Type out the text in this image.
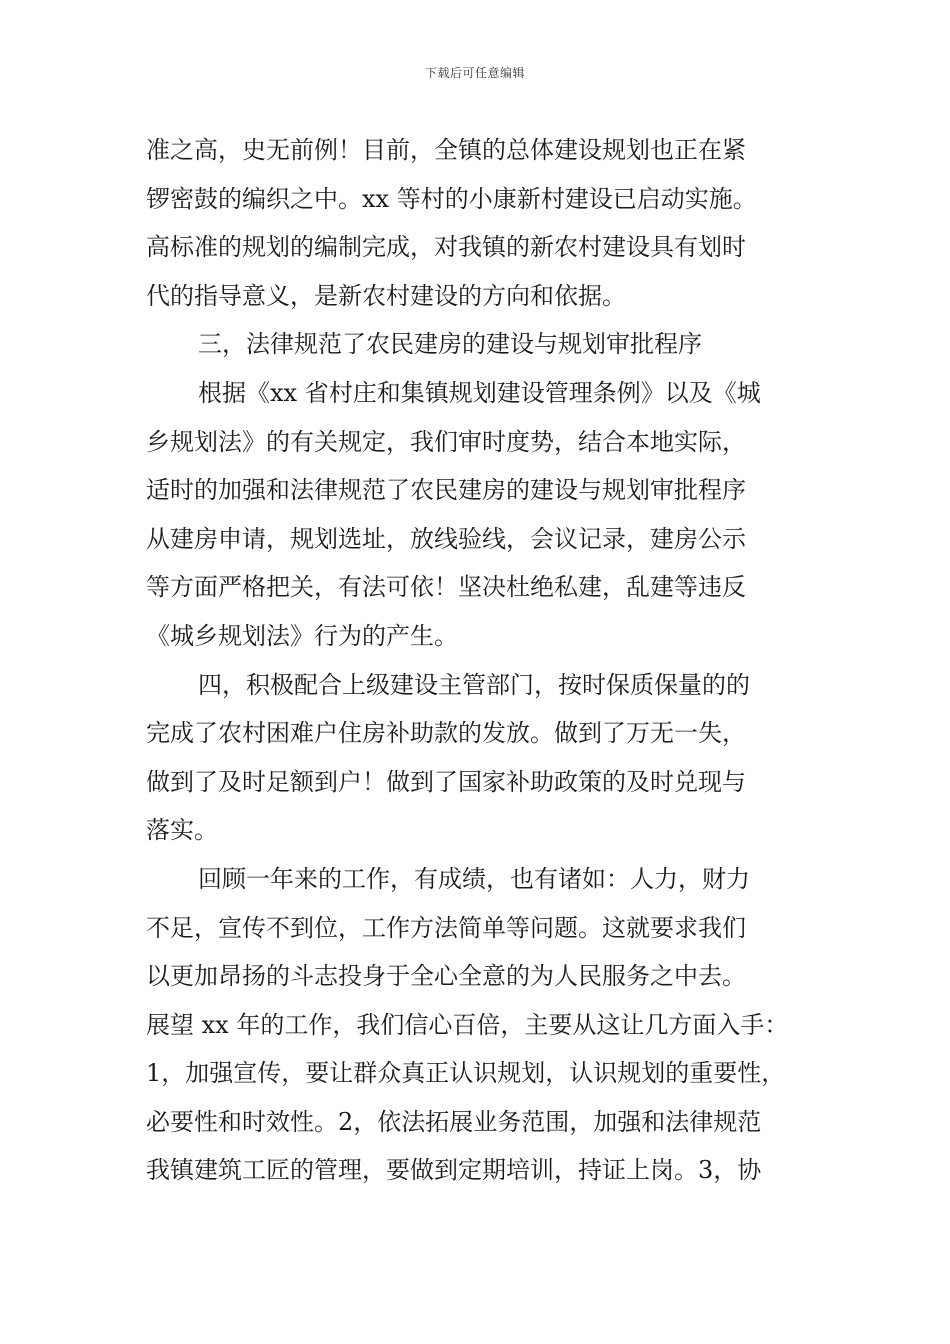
下载后可任意编辑
准之高，史无前例！目前，全镇的总体建设规划也正在紧
锣密鼓的编织之中。xx 等村的小康新村建设已启动实施。
高标准的规划的编制完成，对我镇的新农村建设具有划时
代的指导意义，是新农村建设的方向和依据。
三，法律规范了农民建房的建设与规划审批程序
根据《xx 省村庄和集镇规划建设管理条例》以及《城
乡规划法》的有关规定，我们审时度势，结合本地实际，
适时的加强和法律规范了农民建房的建设与规划审批程序
从建房申请，规划选址，放线验线，会议记录，建房公示
等方面严格把关，有法可依！坚决杜绝私建，乱建等违反
《城乡规划法》行为的产生。
四，积极配合上级建设主管部门，按时保质保量的的
完成了农村困难户住房补助款的发放。做到了万无一失，
做到了及时足额到户！做到了国家补助政策的及时兑现与
落实。
回顾一年来的工作，有成绩，也有诸如：人力，财力
不足，宣传不到位，工作方法简单等问题。这就要求我们
以更加昂扬的斗志投身于全心全意的为人民服务之中去。
展望 xx 年的工作，我们信心百倍，主要从这让几方面入手：
1，加强宣传，要让群众真正认识规划，认识规划的重要性，
必要性和时效性。2，依法拓展业务范围，加强和法律规范
我镇建筑工匠的管理，要做到定期培训，持证上岗。3，协
